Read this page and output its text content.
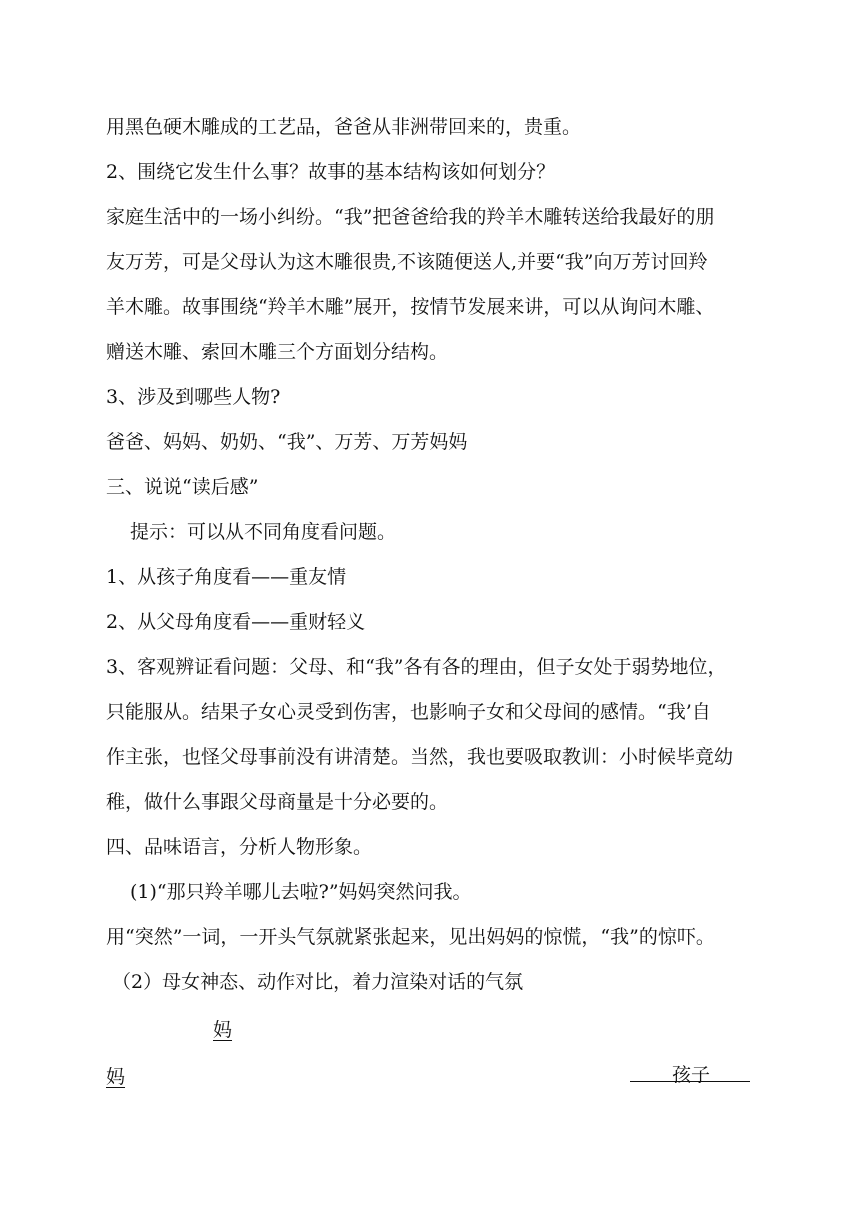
用黑色硬木雕成的工艺品，爸爸从非洲带回来的，贵重。
2、围绕它发生什么事？故事的基本结构该如何划分？
家庭生活中的一场小纠纷。“我”把爸爸给我的羚羊木雕转送给我最好的朋
友万芳，可是父母认为这木雕很贵,不该随便送人,并要“我”向万芳讨回羚
羊木雕。故事围绕“羚羊木雕”展开，按情节发展来讲，可以从询问木雕、
赠送木雕、索回木雕三个方面划分结构。
3、涉及到哪些人物?
爸爸、妈妈、奶奶、“我”、万芳、万芳妈妈
三、说说“读后感”
提示：可以从不同角度看问题。
1、从孩子角度看——重友情
2、从父母角度看——重财轻义
3、客观辨证看问题：父母、和“我”各有各的理由，但子女处于弱势地位，
只能服从。结果子女心灵受到伤害，也影响子女和父母间的感情。“我’自
作主张，也怪父母事前没有讲清楚。当然，我也要吸取教训：小时候毕竟幼
稚，做什么事跟父母商量是十分必要的。
四、品味语言，分析人物形象。
(1)“那只羚羊哪儿去啦?”妈妈突然问我。
用“突然”一词，一开头气氛就紧张起来，见出妈妈的惊慌，“我”的惊吓。
（2）母女神态、动作对比，着力渲染对话的气氛
妈
妈	孩子
